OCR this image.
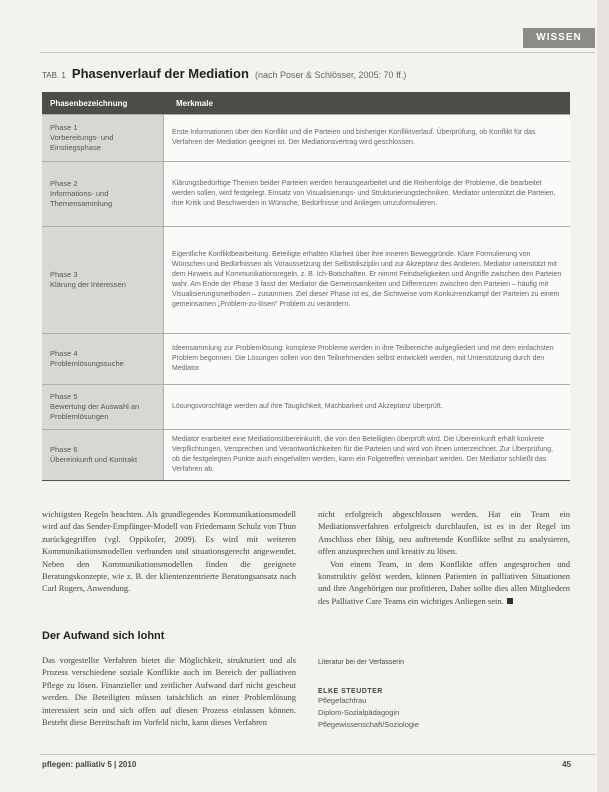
WISSEN
TAB. 1 Phasenverlauf der Mediation (nach Poser & Schlösser, 2005: 70 ff.)
Phasenbezeichnung	Merkmale
Phase 1
Vorbereitungs- und Einstiegsphase
Erste Informationen über den Konflikt und die Parteien und bisheriger Konfliktverlauf. Überprüfung, ob Konflikt für das Verfahren der Mediation geeignet ist. Der Mediationsvertrag wird geschlossen.
Phase 2
Informations- und Themensammlung
Klärungsbedürftige Themen beider Parteien werden herausgearbeitet und die Reihenfolge der Probleme, die bearbeitet werden sollen, wird festgelegt. Einsatz von Visualisierungs- und Strukturierungstechniken. Mediator unterstützt die Parteien, ihre Kritik und Beschwerden in Wünsche, Bedürfnisse und Anliegen umzuformulieren.
Phase 3
Klärung der Interessen
Eigentliche Konfliktbearbeitung. Beteiligte erhalten Klarheit über ihre inneren Beweggründe. Klare Formulierung von Wünschen und Bedürfnissen als Voraussetzung der Selbstdisziplin und zur Akzeptanz des Anderen. Mediator unterstützt mit dem Hinweis auf Kommunikationsregeln, z. B. Ich-Botschaften. Er nimmt Feindseligkeiten und Angriffe zwischen den Parteien wahr. Am Ende der Phase 3 fasst der Mediator die Gemeinsamkeiten und Differenzen zwischen den Parteien – häufig mit Visualisierungsmethoden – zusammen. Ziel dieser Phase ist es, die Sichtweise vom Konkurrenzkampf der Parteien zu einem gemeinsamen „Problem-zu-lösen“ Problem zu verändern.
Phase 4
Problemlösungssuche
Ideensammlung zur Problemlösung: komplexe Probleme werden in ihre Teilbereiche aufgegliedert und mit dem einfachsten Problem begonnen. Die Lösungen sollen von den Teilnehmenden selbst entwickelt werden, mit Unterstützung durch den Mediator.
Phase 5
Bewertung der Auswahl an Problemlösungen
Lösungsvorschläge werden auf ihre Tauglichkeit, Machbarkeit und Akzeptanz überprüft.
Phase 6
Übereinkunft und Kontrakt
Mediator erarbeitet eine Mediationsübereinkunft, die von den Beteiligten überprüft wird. Die Übereinkunft erhält konkrete Verpflichtungen, Versprechen und Verantwortlichkeiten für die Parteien und wird von ihnen unterzeichnet. Zur Überprüfung, ob die festgelegten Punkte auch eingehalten werden, kann ein Folgetreffen vereinbart werden. Der Mediator schließt das Verfahren ab.

wichtigsten Regeln beachten. Als grundlegendes Kommunikationsmodell wird auf das Sender-Empfänger-Modell von Friedemann Schulz von Thun zurückgegriffen (vgl. Oppikofer, 2009). Es wird mit weiteren Kommunikationsmodellen verbunden und situationsgerecht angewendet. Neben den Kommunikationsmodellen finden die geeignete Beratungskonzepte, wie z. B. der klientenzentrierte Beratungsansatz nach Carl Rogers, Anwendung.

Der Aufwand sich lohnt

Das vorgestellte Verfahren bietet die Möglichkeit, strukturiert und als Prozess verschiedene soziale Konflikte auch im Bereich der palliativen Pflege zu lösen. Finanzieller und zeitlicher Aufwand darf nicht gescheut werden. Die Beteiligten müssen tatsächlich an einer Problemlösung interessiert sein und sich offen auf diesen Prozess einlassen können. Besteht diese Bereitschaft im Vorfeld nicht, kann dieses Verfahren

nicht erfolgreich abgeschlossen werden. Hat ein Team ein Mediationsverfahren erfolgreich durchlaufen, ist es in der Regel im Anschluss eher fähig, neu auftretende Konflikte selbst zu analysieren, offen anzusprechen und kreativ zu lösen.

Von einem Team, in dem Konflikte offen angesprochen und konstruktiv gelöst werden, können Patienten in palliativen Situationen und ihre Angehörigen nur profitieren, Daher sollte dies allen Mitgliedern des Palliative Care Teams ein wichtiges Anliegen sein.

Literatur bei der Verfasserin
ELKE STEUDTER
Pflegefachfrau
Diplom-Sozialpädagogin
Pflegewissenschaft/Soziologie
pflegen: palliativ 5 | 2010	45
